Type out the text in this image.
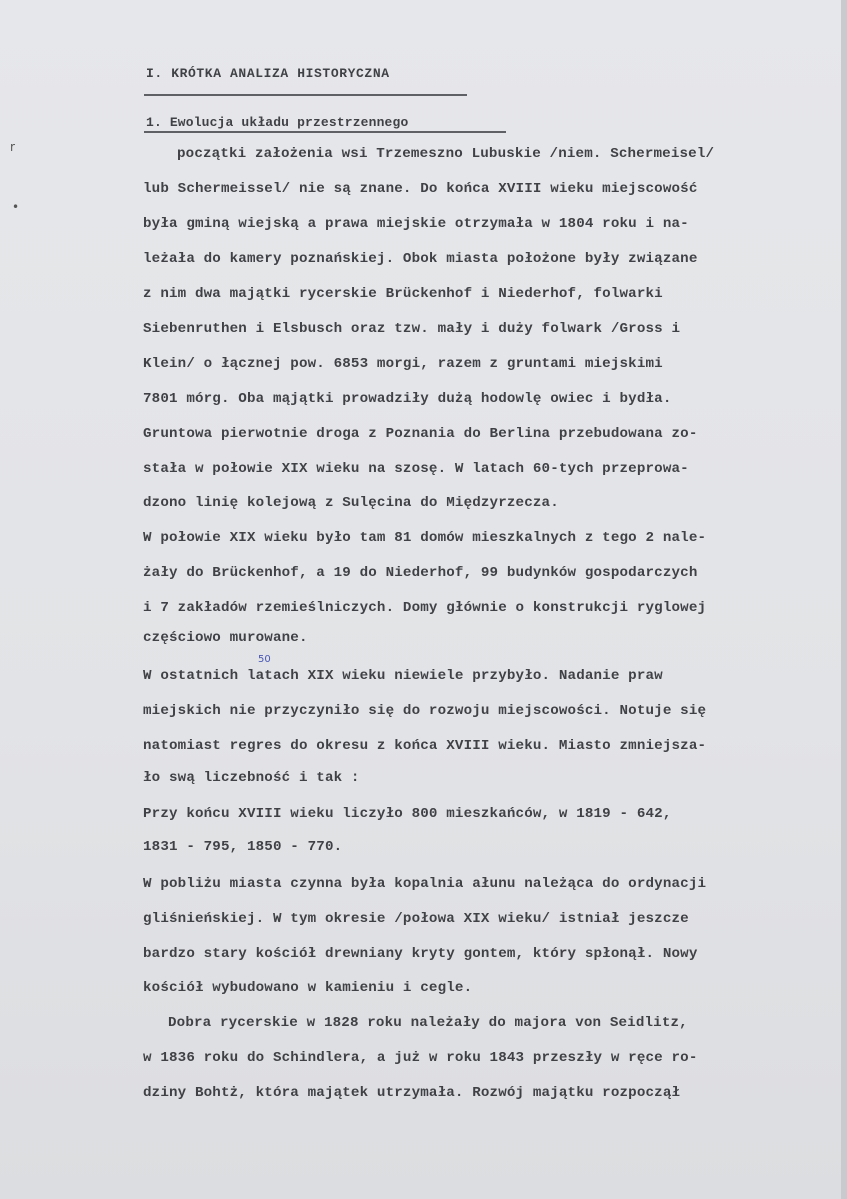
r
•
I. KRÓTKA ANALIZA HISTORYCZNA
1. Ewolucja układu przestrzennego
początki założenia wsi Trzemeszno Lubuskie /niem. Schermeisel/
lub Schermeissel/ nie są znane. Do końca XVIII wieku miejscowość
była gminą wiejską a prawa miejskie otrzymała w 1804 roku i na-
leżała do kamery poznańskiej. Obok miasta położone były związane
z nim dwa majątki rycerskie Brückenhof i Niederhof, folwarki
Siebenruthen i Elsbusch oraz tzw. mały i duży folwark /Gross i
Klein/ o łącznej pow. 6853 morgi, razem z gruntami miejskimi
7801 mórg. Oba mąjątki prowadziły dużą hodowlę owiec i bydła.
Gruntowa pierwotnie droga z Poznania do Berlina przebudowana zo-
stała w połowie XIX wieku na szosę. W latach 60-tych przeprowa-
dzono linię kolejową z Sulęcina do Międzyrzecza.
W połowie XIX wieku było tam 81 domów mieszkalnych z tego 2 nale-
żały do Brückenhof, a 19 do Niederhof, 99 budynków gospodarczych
i 7 zakładów rzemieślniczych. Domy głównie o konstrukcji ryglowej
częściowo murowane.
W ostatnich latach XIX wieku niewiele przybyło. Nadanie praw
50
miejskich nie przyczyniło się do rozwoju miejscowości. Notuje się
natomiast regres do okresu z końca XVIII wieku. Miasto zmniejsza-
ło swą liczebność i tak :
Przy końcu XVIII wieku liczyło 800 mieszkańców, w 1819 - 642,
1831 - 795, 1850 - 770.
W pobliżu miasta czynna była kopalnia ałunu należąca do ordynacji
gliśnieńskiej. W tym okresie /połowa XIX wieku/ istniał jeszcze
bardzo stary kościół drewniany kryty gontem, który spłonął. Nowy
kościół wybudowano w kamieniu i cegle.
Dobra rycerskie w 1828 roku należały do majora von Seidlitz,
w 1836 roku do Schindlera, a już w roku 1843 przeszły w ręce ro-
dziny Bohtż, która majątek utrzymała. Rozwój majątku rozpoczął
